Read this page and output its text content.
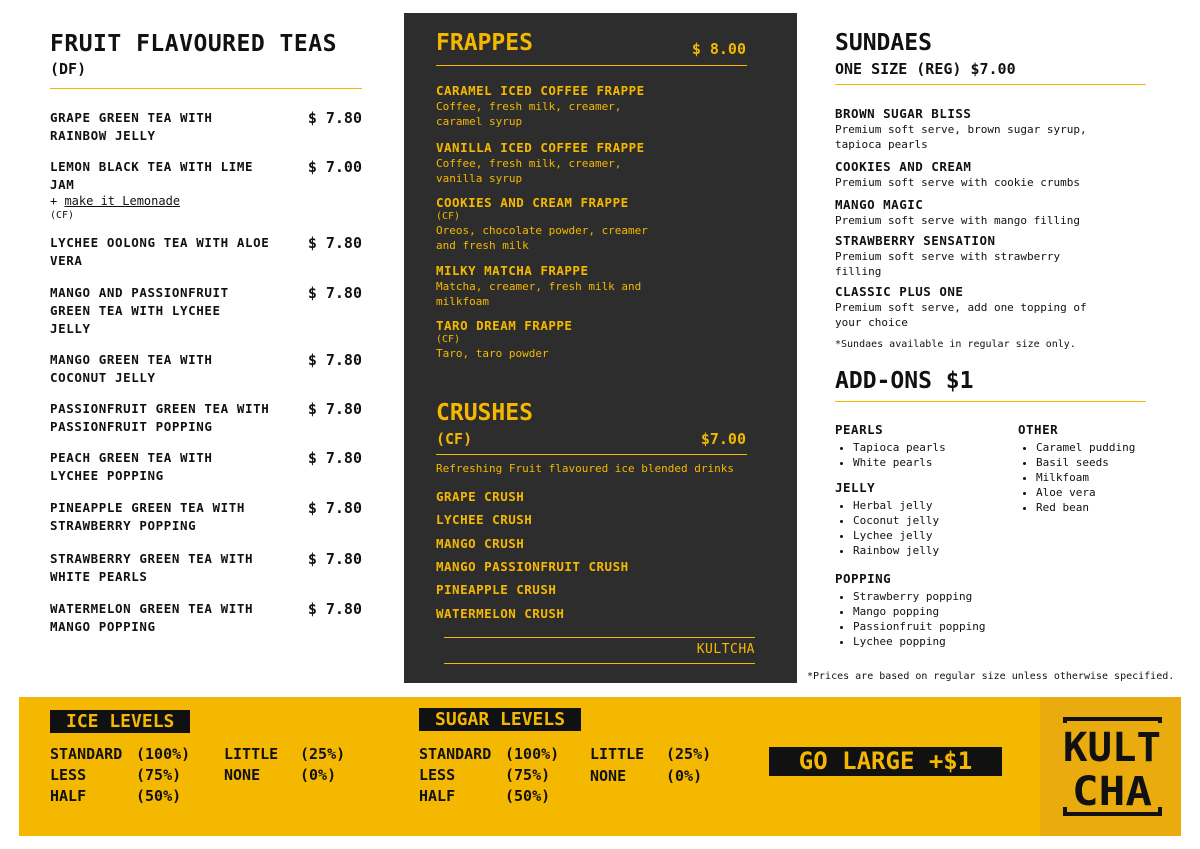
FRUIT FLAVOURED TEAS
(DF)
GRAPE GREEN TEA WITH RAINBOW JELLY
$ 7.80
LEMON BLACK TEA WITH LIME JAM
$ 7.00
+ make it Lemonade
(CF)
LYCHEE OOLONG TEA WITH ALOE VERA
$ 7.80
MANGO AND PASSIONFRUIT GREEN TEA WITH LYCHEE JELLY
$ 7.80
MANGO GREEN TEA WITH COCONUT JELLY
$ 7.80
PASSIONFRUIT GREEN TEA WITH PASSIONFRUIT POPPING
$ 7.80
PEACH GREEN TEA WITH LYCHEE POPPING
$ 7.80
PINEAPPLE GREEN TEA WITH STRAWBERRY POPPING
$ 7.80
STRAWBERRY GREEN TEA WITH WHITE PEARLS
$ 7.80
WATERMELON GREEN TEA WITH MANGO POPPING
$ 7.80
FRAPPES	$ 8.00
CARAMEL ICED COFFEE FRAPPE
Coffee, fresh milk, creamer, caramel syrup
VANILLA ICED COFFEE FRAPPE
Coffee, fresh milk, creamer, vanilla syrup
COOKIES AND CREAM FRAPPE
(CF)
Oreos, chocolate powder, creamer and fresh milk
MILKY MATCHA FRAPPE
Matcha, creamer, fresh milk and milkfoam
TARO DREAM FRAPPE
(CF)
Taro, taro powder
CRUSHES
(CF)	$7.00
Refreshing Fruit flavoured ice blended drinks
GRAPE CRUSH
LYCHEE CRUSH
MANGO CRUSH
MANGO PASSIONFRUIT CRUSH
PINEAPPLE CRUSH
WATERMELON CRUSH
KULTCHA
SUNDAES
ONE SIZE (REG) $7.00
BROWN SUGAR BLISS
Premium soft serve, brown sugar syrup, tapioca pearls
COOKIES AND CREAM
Premium soft serve with cookie crumbs
MANGO MAGIC
Premium soft serve with mango filling
STRAWBERRY SENSATION
Premium soft serve with strawberry filling
CLASSIC PLUS ONE
Premium soft serve, add one topping of your choice
*Sundaes available in regular size only.
ADD-ONS $1
PEARLS
• Tapioca pearls
• White pearls
JELLY
• Herbal jelly
• Coconut jelly
• Lychee jelly
• Rainbow jelly
POPPING
• Strawberry popping
• Mango popping
• Passionfruit popping
• Lychee popping
OTHER
• Caramel pudding
• Basil seeds
• Milkfoam
• Aloe vera
• Red bean
*Prices are based on regular size unless otherwise specified.
ICE LEVELS
STANDARD (100%)
LESS	(75%)
HALF	(50%)
LITTLE (25%)
NONE	(0%)
SUGAR LEVELS
STANDARD (100%)
LESS	(75%)
HALF	(50%)
LITTLE (25%)
NONE	(0%)
GO LARGE +$1	KULT
CHA
